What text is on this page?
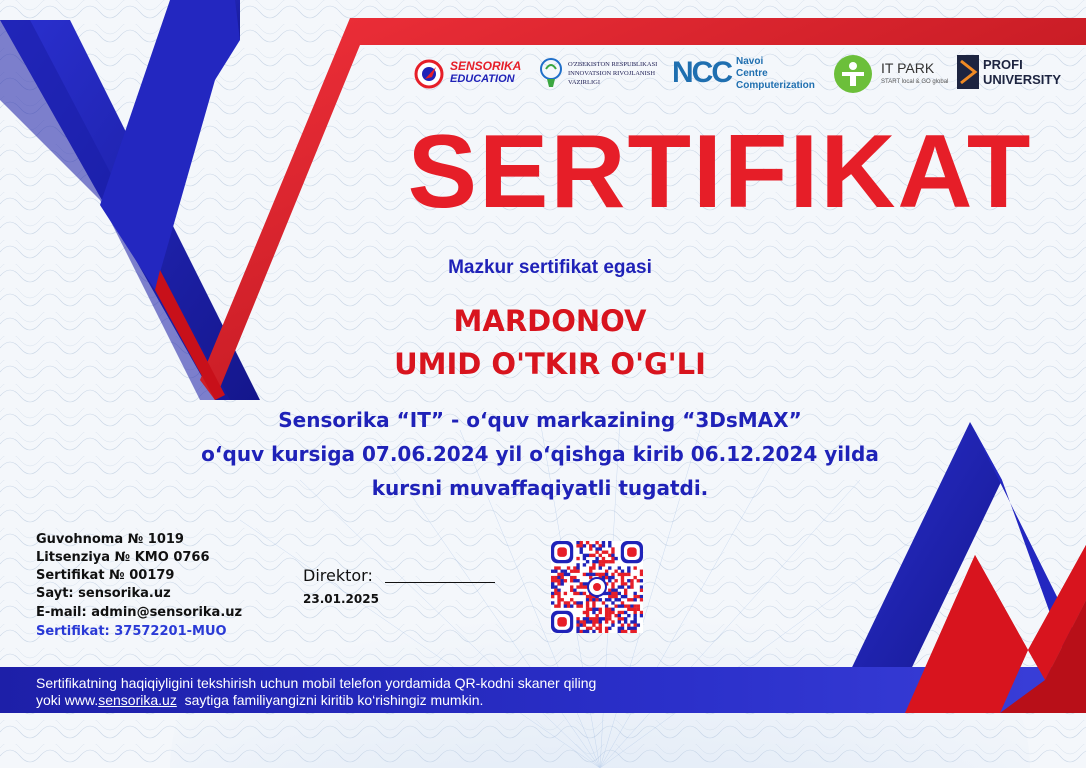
SENSORIKA
EDUCATION
O'ZBEKISTON RESPUBLIKASI
INNOVATSION RIVOJLANISH
VAZIRLIGI NCC Navoi
Centre
Computerization
IT PARK
START local & GO global
PROFI
UNIVERSITY
SERTIFIKAT
Mazkur sertifikat egasi
MARDONOV
UMID O'TKIR O'G'LI
Sensorika “IT” - o‘quv markazining “3DsMAX”
o‘quv kursiga 07.06.2024 yil o‘qishga kirib 06.12.2024 yilda
kursni muvaffaqiyatli tugatdi.
Guvohnoma № 1019
Litsenziya № KMO 0766
Sertifikat № 00179
Sayt: sensorika.uz
E-mail: admin@sensorika.uz
Sertifikat: 37572201-MUO
Direktor:
23.01.2025
Sertifikatning haqiqiyligini tekshirish uchun mobil telefon yordamida QR-kodni skaner qiling
yoki www.sensorika.uz  saytiga familiyangizni kiritib ko‘rishingiz mumkin.
